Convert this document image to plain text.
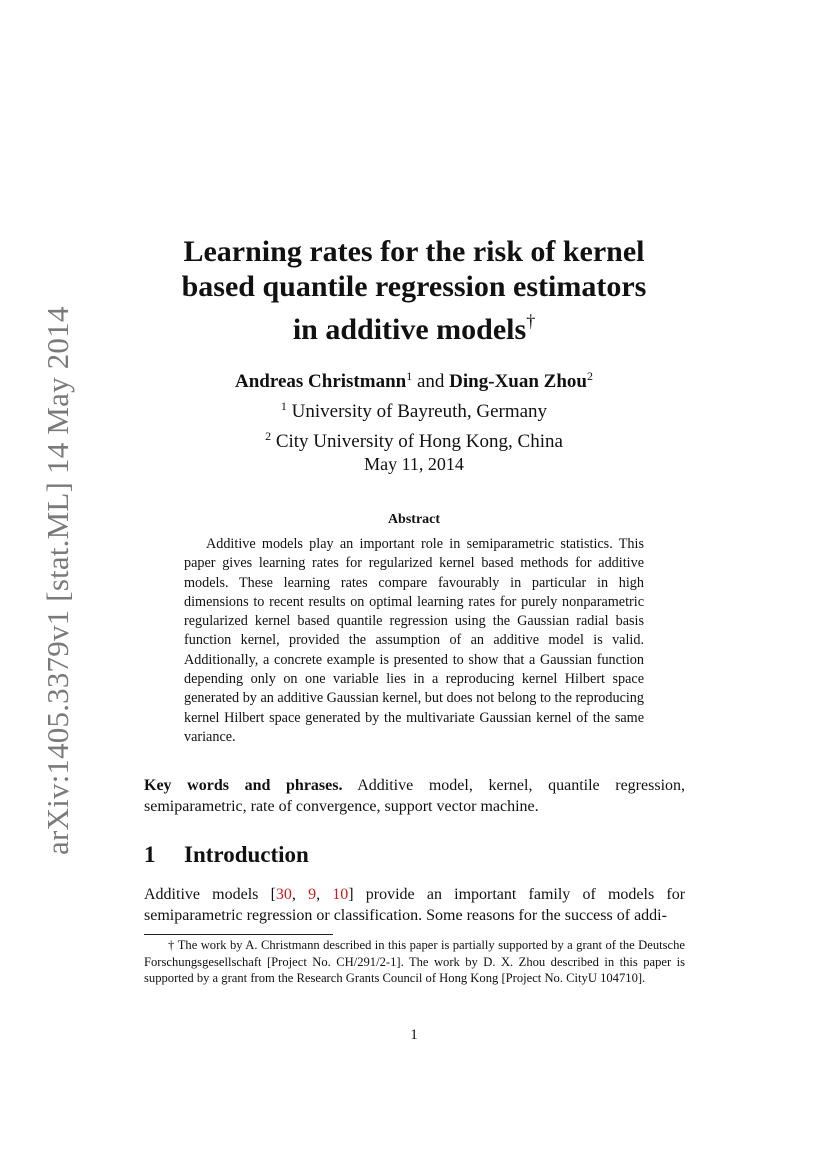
arXiv:1405.3379v1 [stat.ML] 14 May 2014
Learning rates for the risk of kernel
based quantile regression estimators
in additive models†
Andreas Christmann$^1$ and Ding-Xuan Zhou$^2$
$^1$ University of Bayreuth, Germany
$^2$ City University of Hong Kong, China
May 11, 2014
Abstract
Additive models play an important role in semiparametric statistics. This paper gives learning rates for regularized kernel based methods for additive models. These learning rates compare favourably in particular in high dimensions to recent results on optimal learning rates for purely nonparametric regularized kernel based quantile regression using the Gaussian radial basis function kernel, provided the assumption of an additive model is valid. Additionally, a concrete example is presented to show that a Gaussian function depending only on one variable lies in a reproducing kernel Hilbert space generated by an additive Gaussian kernel, but does not belong to the reproducing kernel Hilbert space generated by the multivariate Gaussian kernel of the same variance.
Key words and phrases. Additive model, kernel, quantile regression, semiparametric, rate of convergence, support vector machine.
1 Introduction
Additive models [30, 9, 10] provide an important family of models for semiparametric regression or classification. Some reasons for the success of addi-
† The work by A. Christmann described in this paper is partially supported by a grant of the Deutsche Forschungsgesellschaft [Project No. CH/291/2-1]. The work by D. X. Zhou described in this paper is supported by a grant from the Research Grants Council of Hong Kong [Project No. CityU 104710].
1
